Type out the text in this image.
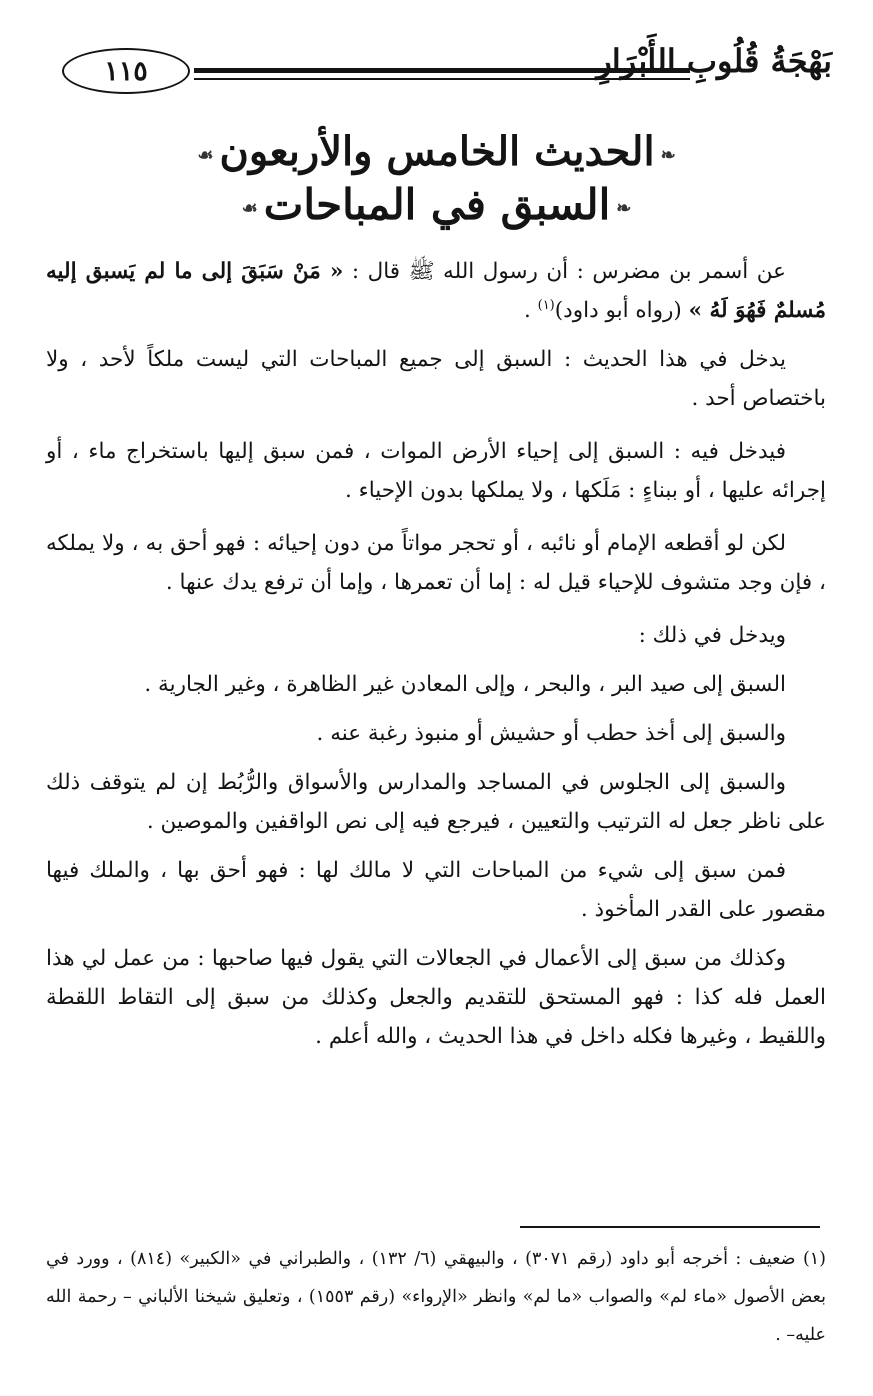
١١٥	بَهْجَةُ قُلُوبِ الأَبْرَارِ
❧الحديث الخامس والأربعون☙
❧السبق في المباحات☙

عن أسمر بن مضرس : أن رسول الله ﷺ قال : « مَنْ سَبَقَ إلى ما لم يَسبق إليه مُسلمٌ فَهُوَ لَهُ » (رواه أبو داود)$^{(١)}$ .

يدخل في هذا الحديث : السبق إلى جميع المباحات التي ليست ملكاً لأحد ، ولا باختصاص أحد .

فيدخل فيه : السبق إلى إحياء الأرض الموات ، فمن سبق إليها باستخراج ماء ، أو إجرائه عليها ، أو ببناءٍ : مَلَكها ، ولا يملكها بدون الإحياء .

لكن لو أقطعه الإمام أو نائبه ، أو تحجر مواتاً من دون إحيائه : فهو أحق به ، ولا يملكه ، فإن وجد متشوف للإحياء قيل له : إما أن تعمرها ، وإما أن ترفع يدك عنها .

ويدخل في ذلك :

السبق إلى صيد البر ، والبحر ، وإلى المعادن غير الظاهرة ، وغير الجارية .

والسبق إلى أخذ حطب أو حشيش أو منبوذ رغبة عنه .

والسبق إلى الجلوس في المساجد والمدارس والأسواق والرُّبُط إن لم يتوقف ذلك على ناظر جعل له الترتيب والتعيين ، فيرجع فيه إلى نص الواقفين والموصين .

فمن سبق إلى شيء من المباحات التي لا مالك لها : فهو أحق بها ، والملك فيها مقصور على القدر المأخوذ .

وكذلك من سبق إلى الأعمال في الجعالات التي يقول فيها صاحبها : من عمل لي هذا العمل فله كذا : فهو المستحق للتقديم والجعل وكذلك من سبق إلى التقاط اللقطة واللقيط ، وغيرها فكله داخل في هذا الحديث ، والله أعلم .

(١) ضعيف : أخرجه أبو داود (رقم ٣٠٧١) ، والبيهقي (٦/ ١٣٢) ، والطبراني في «الكبير» (٨١٤) ، وورد في بعض الأصول «ماء لم» والصواب «ما لم» وانظر «الإرواء» (رقم ١٥٥٣) ، وتعليق شيخنا الألباني – رحمة الله عليه– .
